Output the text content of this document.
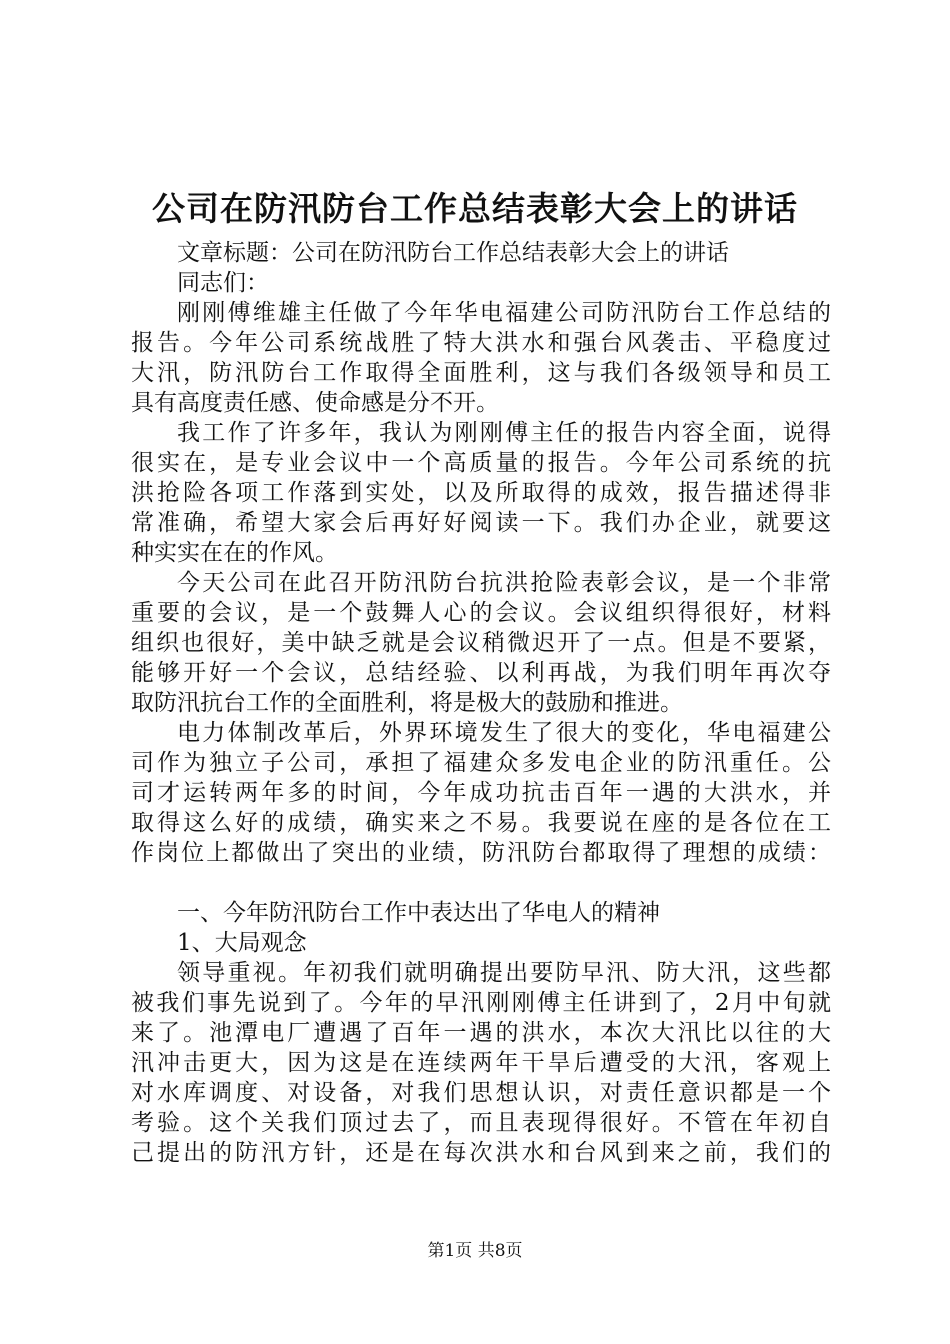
公司在防汛防台工作总结表彰大会上的讲话
文章标题：公司在防汛防台工作总结表彰大会上的讲话
同志们：
刚刚傅维雄主任做了今年华电福建公司防汛防台工作总结的
报告。今年公司系统战胜了特大洪水和强台风袭击、平稳度过
大汛，防汛防台工作取得全面胜利，这与我们各级领导和员工
具有高度责任感、使命感是分不开。
我工作了许多年，我认为刚刚傅主任的报告内容全面，说得
很实在，是专业会议中一个高质量的报告。今年公司系统的抗
洪抢险各项工作落到实处，以及所取得的成效，报告描述得非
常准确，希望大家会后再好好阅读一下。我们办企业，就要这
种实实在在的作风。
今天公司在此召开防汛防台抗洪抢险表彰会议，是一个非常
重要的会议，是一个鼓舞人心的会议。会议组织得很好，材料
组织也很好，美中缺乏就是会议稍微迟开了一点。但是不要紧，
能够开好一个会议，总结经验、以利再战，为我们明年再次夺
取防汛抗台工作的全面胜利，将是极大的鼓励和推进。
电力体制改革后，外界环境发生了很大的变化，华电福建公
司作为独立子公司，承担了福建众多发电企业的防汛重任。公
司才运转两年多的时间，今年成功抗击百年一遇的大洪水，并
取得这么好的成绩，确实来之不易。我要说在座的是各位在工
作岗位上都做出了突出的业绩，防汛防台都取得了理想的成绩：
一、今年防汛防台工作中表达出了华电人的精神
1、大局观念
领导重视。年初我们就明确提出要防早汛、防大汛，这些都
被我们事先说到了。今年的早汛刚刚傅主任讲到了，2月中旬就
来了。池潭电厂遭遇了百年一遇的洪水，本次大汛比以往的大
汛冲击更大，因为这是在连续两年干旱后遭受的大汛，客观上
对水库调度、对设备，对我们思想认识，对责任意识都是一个
考验。这个关我们顶过去了，而且表现得很好。不管在年初自
己提出的防汛方针，还是在每次洪水和台风到来之前，我们的
第1页 共8页
